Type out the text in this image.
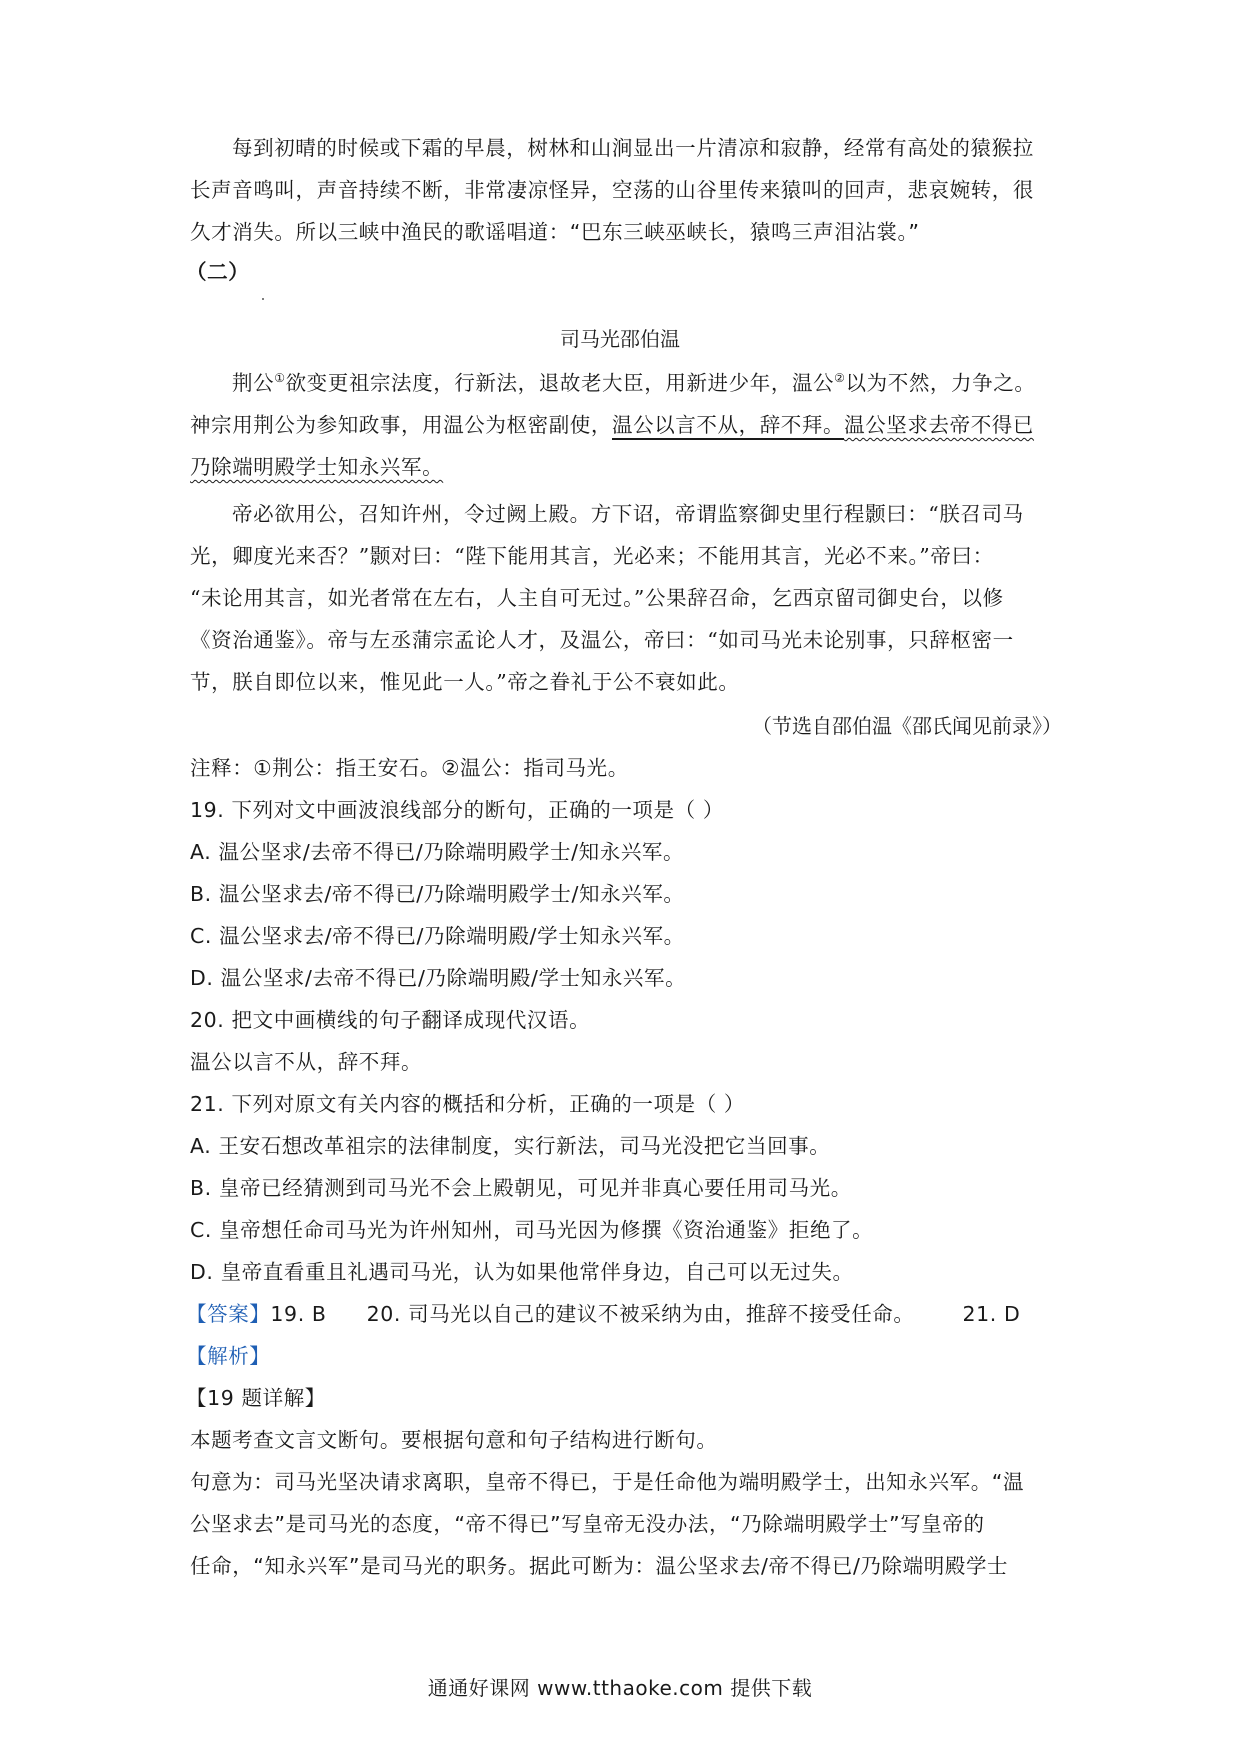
每到初晴的时候或下霜的早晨，树林和山涧显出一片清凉和寂静，经常有高处的猿猴拉
长声音鸣叫，声音持续不断，非常凄凉怪异，空荡的山谷里传来猿叫的回声，悲哀婉转，很
久才消失。所以三峡中渔民的歌谣唱道：“巴东三峡巫峡长，猿鸣三声泪沾裳。”
（二）
司马光邵伯温
荆公①欲变更祖宗法度，行新法，退故老大臣，用新进少年，温公②以为不然，力争之。
神宗用荆公为参知政事，用温公为枢密副使，温公以言不从，辞不拜。温公坚求去帝不得已
乃除端明殿学士知永兴军。
帝必欲用公，召知许州，令过阙上殿。方下诏，帝谓监察御史里行程颢曰：“朕召司马
光，卿度光来否？”颢对曰：“陛下能用其言，光必来；不能用其言，光必不来。”帝曰：
“未论用其言，如光者常在左右，人主自可无过。”公果辞召命，乞西京留司御史台，以修
《资治通鉴》。帝与左丞蒲宗孟论人才，及温公，帝曰：“如司马光未论别事，只辞枢密一
节，朕自即位以来，惟见此一人。”帝之眷礼于公不衰如此。
（节选自邵伯温《邵氏闻见前录》）
注释：①荆公：指王安石。②温公：指司马光。
19. 下列对文中画波浪线部分的断句，正确的一项是（ ）
A. 温公坚求/去帝不得已/乃除端明殿学士/知永兴军。
B. 温公坚求去/帝不得已/乃除端明殿学士/知永兴军。
C. 温公坚求去/帝不得已/乃除端明殿/学士知永兴军。
D. 温公坚求/去帝不得已/乃除端明殿/学士知永兴军。
20. 把文中画横线的句子翻译成现代汉语。
温公以言不从，辞不拜。
21. 下列对原文有关内容的概括和分析，正确的一项是（ ）
A. 王安石想改革祖宗的法律制度，实行新法，司马光没把它当回事。
B. 皇帝已经猜测到司马光不会上殿朝见，可见并非真心要任用司马光。
C. 皇帝想任命司马光为许州知州，司马光因为修撰《资治通鉴》拒绝了。
D. 皇帝直看重且礼遇司马光，认为如果他常伴身边，自己可以无过失。
【答案】19. B 20. 司马光以自己的建议不被采纳为由，推辞不接受任命。 21. D
【解析】
【19 题详解】
本题考查文言文断句。要根据句意和句子结构进行断句。
句意为：司马光坚决请求离职，皇帝不得已，于是任命他为端明殿学士，出知永兴军。“温
公坚求去”是司马光的态度，“帝不得已”写皇帝无没办法，“乃除端明殿学士”写皇帝的
任命，“知永兴军”是司马光的职务。据此可断为：温公坚求去/帝不得已/乃除端明殿学士
通通好课网 www.tthaoke.com 提供下载
